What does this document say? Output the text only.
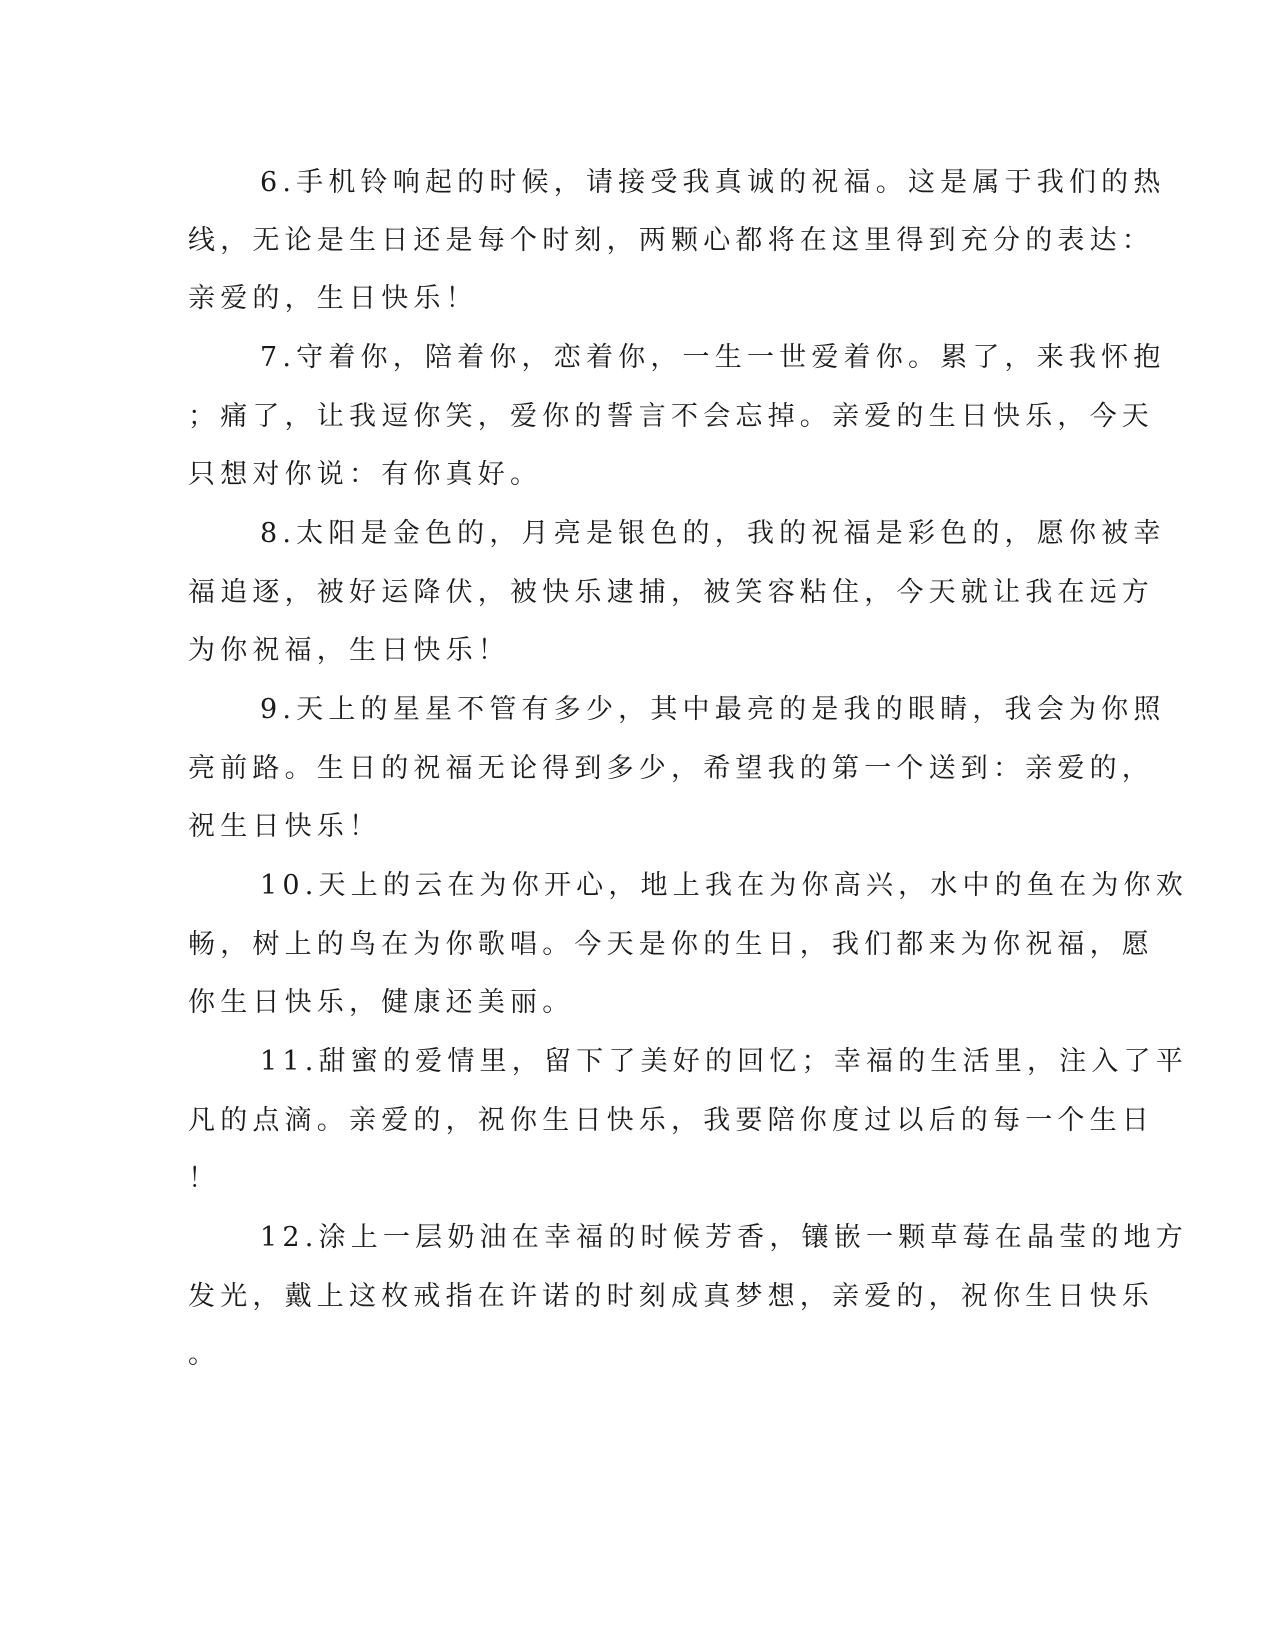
6.手机铃响起的时候，请接受我真诚的祝福。这是属于我们的热

线，无论是生日还是每个时刻，两颗心都将在这里得到充分的表达：

亲爱的，生日快乐！

7.守着你，陪着你，恋着你，一生一世爱着你。累了，来我怀抱

；痛了，让我逗你笑，爱你的誓言不会忘掉。亲爱的生日快乐，今天

只想对你说：有你真好。

8.太阳是金色的，月亮是银色的，我的祝福是彩色的，愿你被幸

福追逐，被好运降伏，被快乐逮捕，被笑容粘住，今天就让我在远方

为你祝福，生日快乐！

9.天上的星星不管有多少，其中最亮的是我的眼睛，我会为你照

亮前路。生日的祝福无论得到多少，希望我的第一个送到：亲爱的，

祝生日快乐！

10.天上的云在为你开心，地上我在为你高兴，水中的鱼在为你欢

畅，树上的鸟在为你歌唱。今天是你的生日，我们都来为你祝福，愿

你生日快乐，健康还美丽。

11.甜蜜的爱情里，留下了美好的回忆；幸福的生活里，注入了平

凡的点滴。亲爱的，祝你生日快乐，我要陪你度过以后的每一个生日

！

12.涂上一层奶油在幸福的时候芳香，镶嵌一颗草莓在晶莹的地方

发光，戴上这枚戒指在许诺的时刻成真梦想，亲爱的，祝你生日快乐

。
